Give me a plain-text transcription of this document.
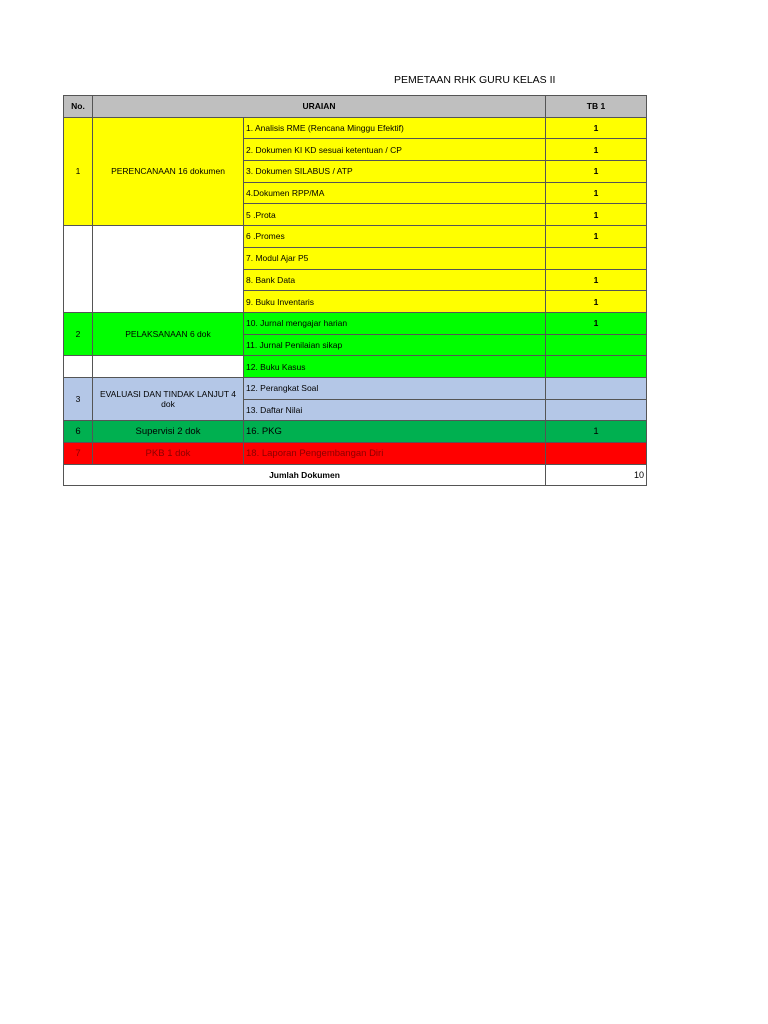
PEMETAAN RHK GURU KELAS II
No.	URAIAN		TB 1
1	PERENCANAAN 16 dokumen	1. Analisis RME (Rencana Minggu Efektif)	1
		2. Dokumen KI KD sesuai ketentuan / CP	1
		3. Dokumen SILABUS / ATP	1
		4.Dokumen RPP/MA	1
		5 .Prota	1
		6 .Promes	1
		7. Modul Ajar P5	
		8. Bank Data	1
		9. Buku Inventaris	1
2	PELAKSANAAN 6 dok	10. Jurnal mengajar harian	1
		11. Jurnal Penilaian sikap	
		12. Buku Kasus	
3	EVALUASI DAN TINDAK LANJUT 4 dok	12. Perangkat Soal	
		13. Daftar Nilai	
6	Supervisi 2 dok	16. PKG	1
7	PKB 1 dok	18. Laporan Pengembangan Diri	
Jumlah Dokumen			10
